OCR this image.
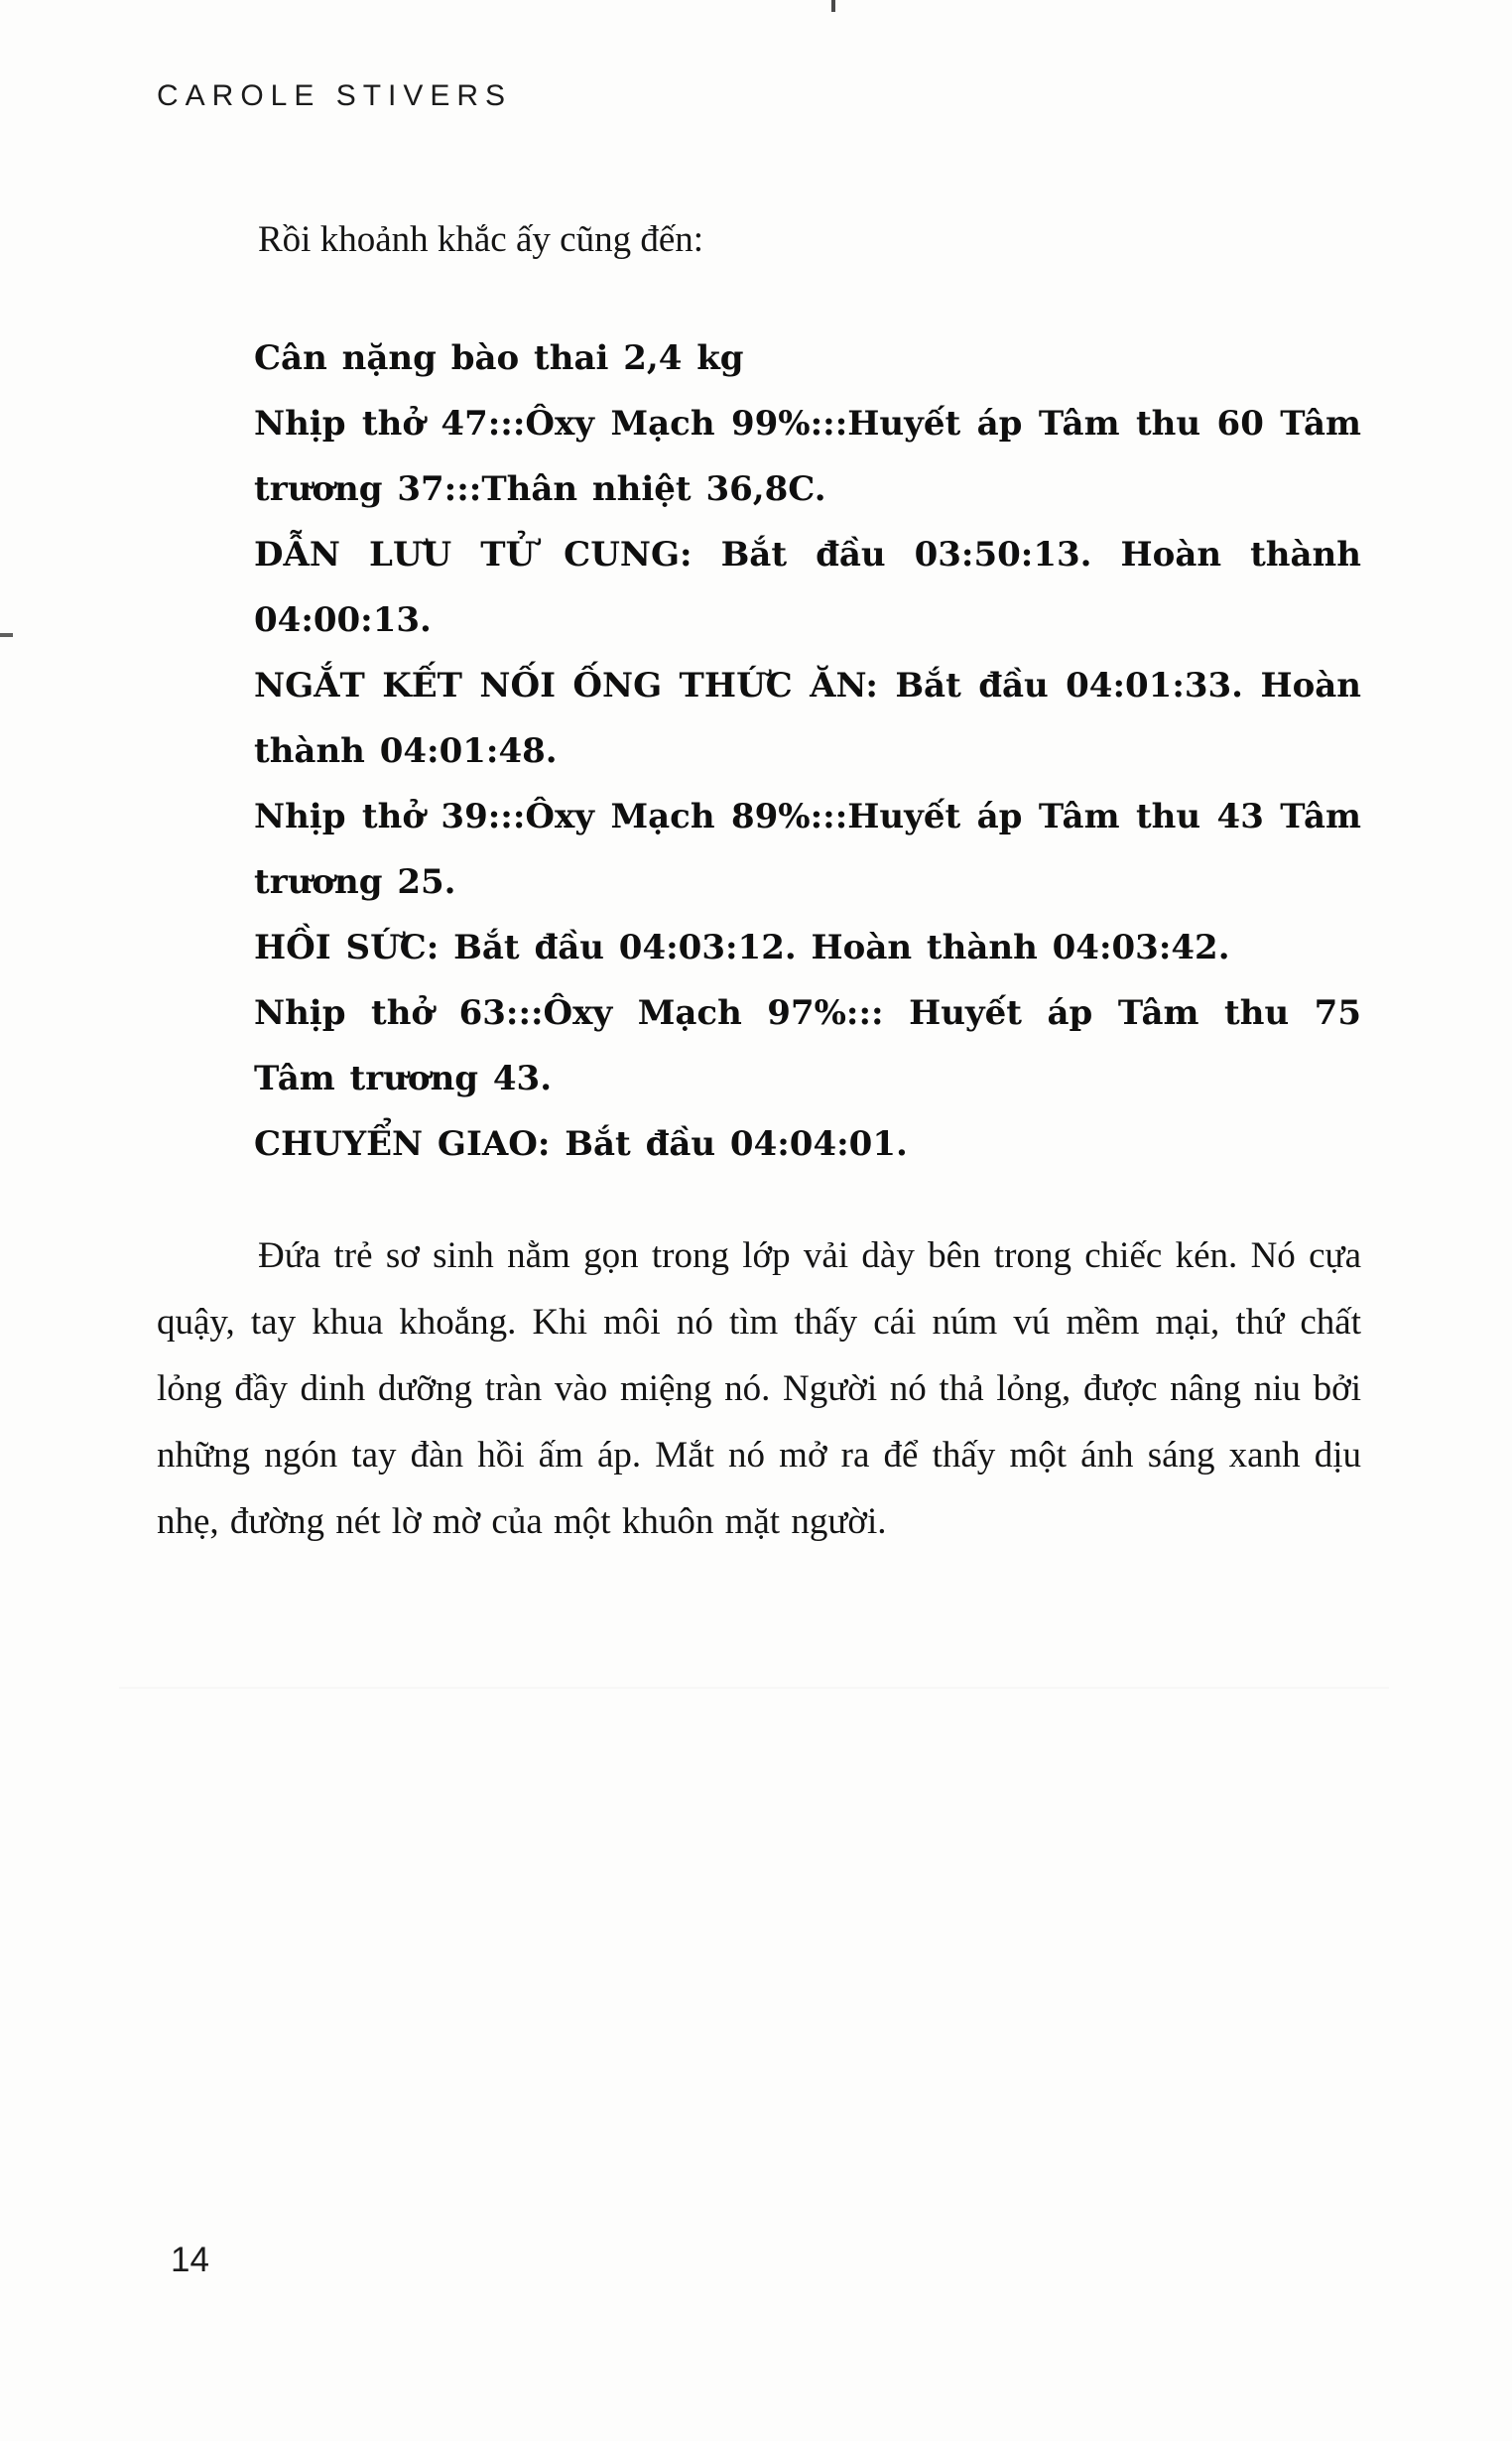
CAROLE STIVERS

Rồi khoảnh khắc ấy cũng đến:

Cân nặng bào thai 2,4 kg

Nhịp thở 47:::Ôxy Mạch 99%:::Huyết áp Tâm thu 60 Tâm trương 37:::Thân nhiệt 36,8C.

DẪN LƯU TỬ CUNG: Bắt đầu 03:50:13. Hoàn thành 04:00:13.

NGẮT KẾT NỐI ỐNG THỨC ĂN: Bắt đầu 04:01:33. Hoàn thành 04:01:48.

Nhịp thở 39:::Ôxy Mạch 89%:::Huyết áp Tâm thu 43 Tâm trương 25.

HỒI SỨC: Bắt đầu 04:03:12. Hoàn thành 04:03:42.

Nhịp thở 63:::Ôxy Mạch 97%::: Huyết áp Tâm thu 75 Tâm trương 43.

CHUYỂN GIAO: Bắt đầu 04:04:01.

Đứa trẻ sơ sinh nằm gọn trong lớp vải dày bên trong chiếc kén. Nó cựa quậy, tay khua khoắng. Khi môi nó tìm thấy cái núm vú mềm mại, thứ chất lỏng đầy dinh dưỡng tràn vào miệng nó. Người nó thả lỏng, được nâng niu bởi những ngón tay đàn hồi ấm áp. Mắt nó mở ra để thấy một ánh sáng xanh dịu nhẹ, đường nét lờ mờ của một khuôn mặt người.

14
